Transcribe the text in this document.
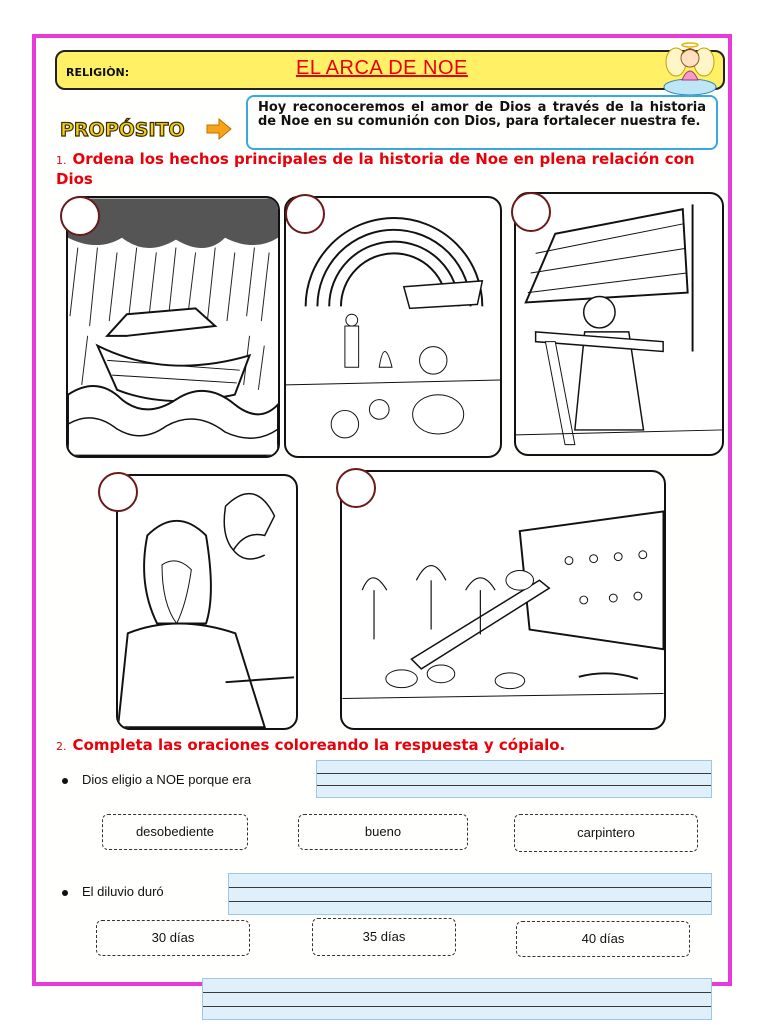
RELIGIÒN:	EL ARCA DE NOE
PROPÓSITO
Hoy reconoceremos el amor de Dios a través de la historia de Noe en su comunión con Dios, para fortalecer nuestra fe.
1. Ordena los hechos principales de la historia de Noe en plena relación con Dios
2. Completa las oraciones coloreando la respuesta y cópialo.
Dios eligio a NOE porque era
desobediente	bueno	carpintero
El diluvio duró
30 días	35 días	40 días
